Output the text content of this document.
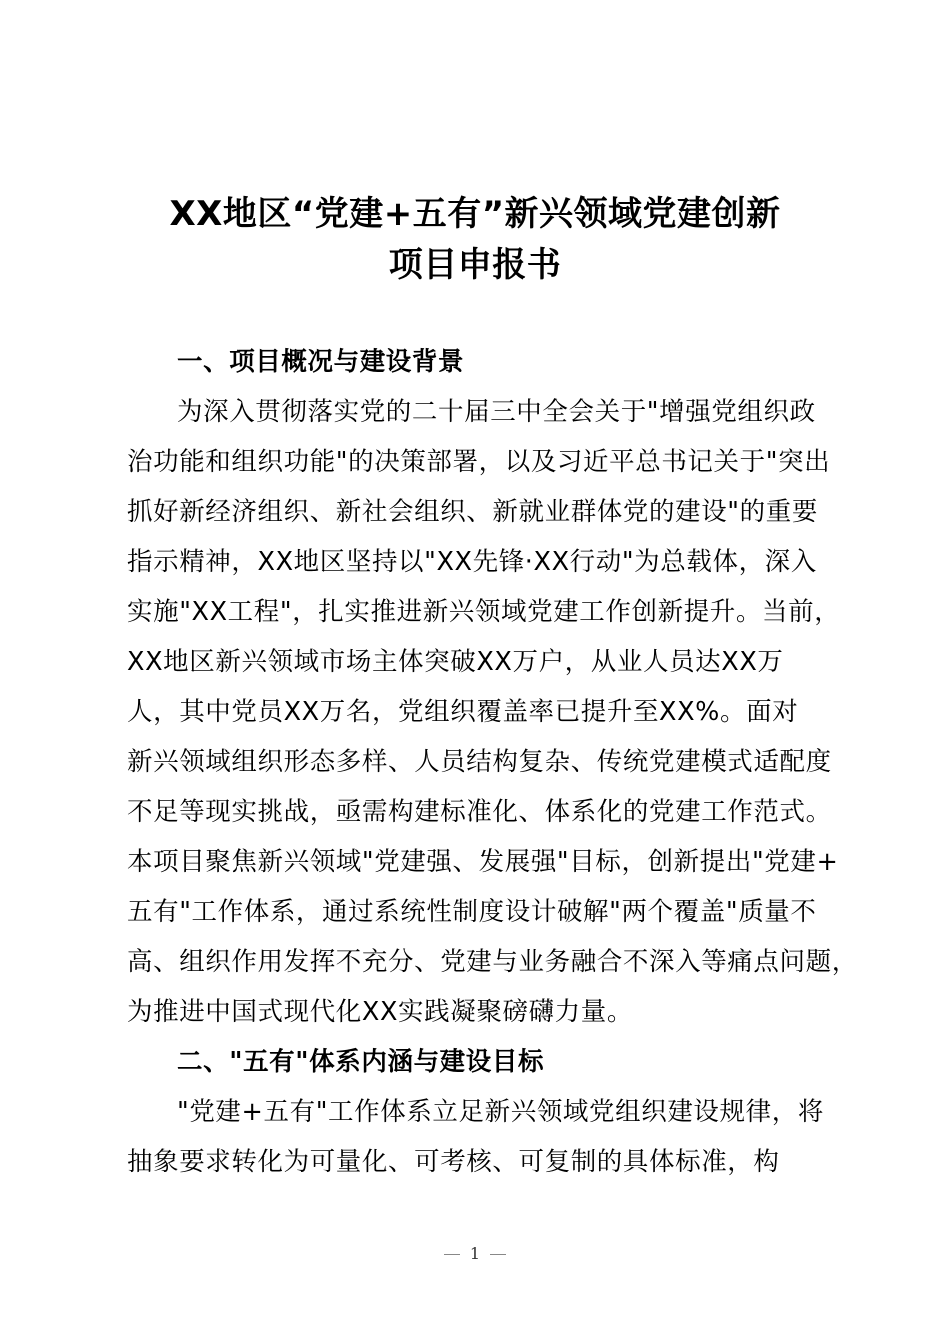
XX地区“党建+五有”新兴领域党建创新
项目申报书
一、项目概况与建设背景
为深入贯彻落实党的二十届三中全会关于"增强党组织政
治功能和组织功能"的决策部署，以及习近平总书记关于"突出
抓好新经济组织、新社会组织、新就业群体党的建设"的重要
指示精神，XX地区坚持以"XX先锋·XX行动"为总载体，深入
实施"XX工程"，扎实推进新兴领域党建工作创新提升。当前，
XX地区新兴领域市场主体突破XX万户，从业人员达XX万
人，其中党员XX万名，党组织覆盖率已提升至XX%。面对
新兴领域组织形态多样、人员结构复杂、传统党建模式适配度
不足等现实挑战，亟需构建标准化、体系化的党建工作范式。
本项目聚焦新兴领域"党建强、发展强"目标，创新提出"党建+
五有"工作体系，通过系统性制度设计破解"两个覆盖"质量不
高、组织作用发挥不充分、党建与业务融合不深入等痛点问题，
为推进中国式现代化XX实践凝聚磅礴力量。
二、"五有"体系内涵与建设目标
"党建+五有"工作体系立足新兴领域党组织建设规律，将
抽象要求转化为可量化、可考核、可复制的具体标准，构
1
